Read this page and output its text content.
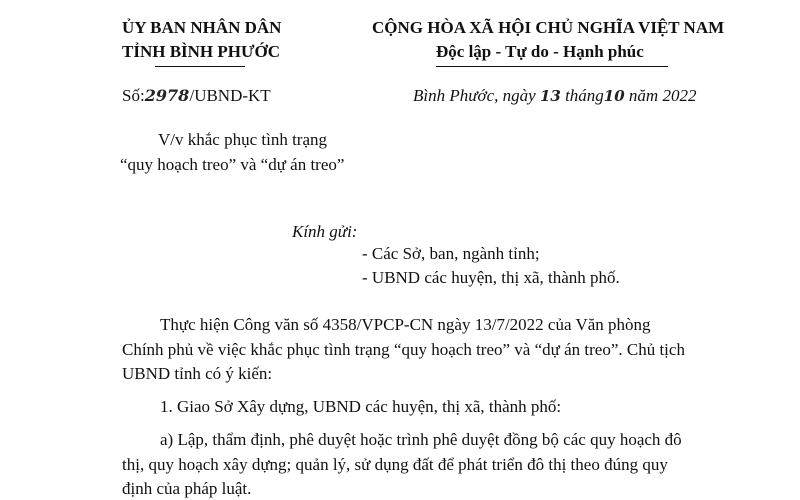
ỦY BAN NHÂN DÂN
TỈNH BÌNH PHƯỚC
CỘNG HÒA XÃ HỘI CHỦ NGHĨA VIỆT NAM
Độc lập - Tự do - Hạnh phúc
Số:2978 /UBND-KT	Bình Phước, ngày 13 tháng10 năm 2022
V/v khắc phục tình trạng
“quy hoạch treo” và “dự án treo”
Kính gửi:
- Các Sở, ban, ngành tỉnh;
- UBND các huyện, thị xã, thành phố.
Thực hiện Công văn số 4358/VPCP-CN ngày 13/7/2022 của Văn phòng
Chính phủ về việc khắc phục tình trạng “quy hoạch treo” và “dự án treo”. Chủ tịch
UBND tỉnh có ý kiến:
1. Giao Sở Xây dựng, UBND các huyện, thị xã, thành phố:
a) Lập, thẩm định, phê duyệt hoặc trình phê duyệt đồng bộ các quy hoạch đô
thị, quy hoạch xây dựng; quản lý, sử dụng đất để phát triển đô thị theo đúng quy
định của pháp luật.
